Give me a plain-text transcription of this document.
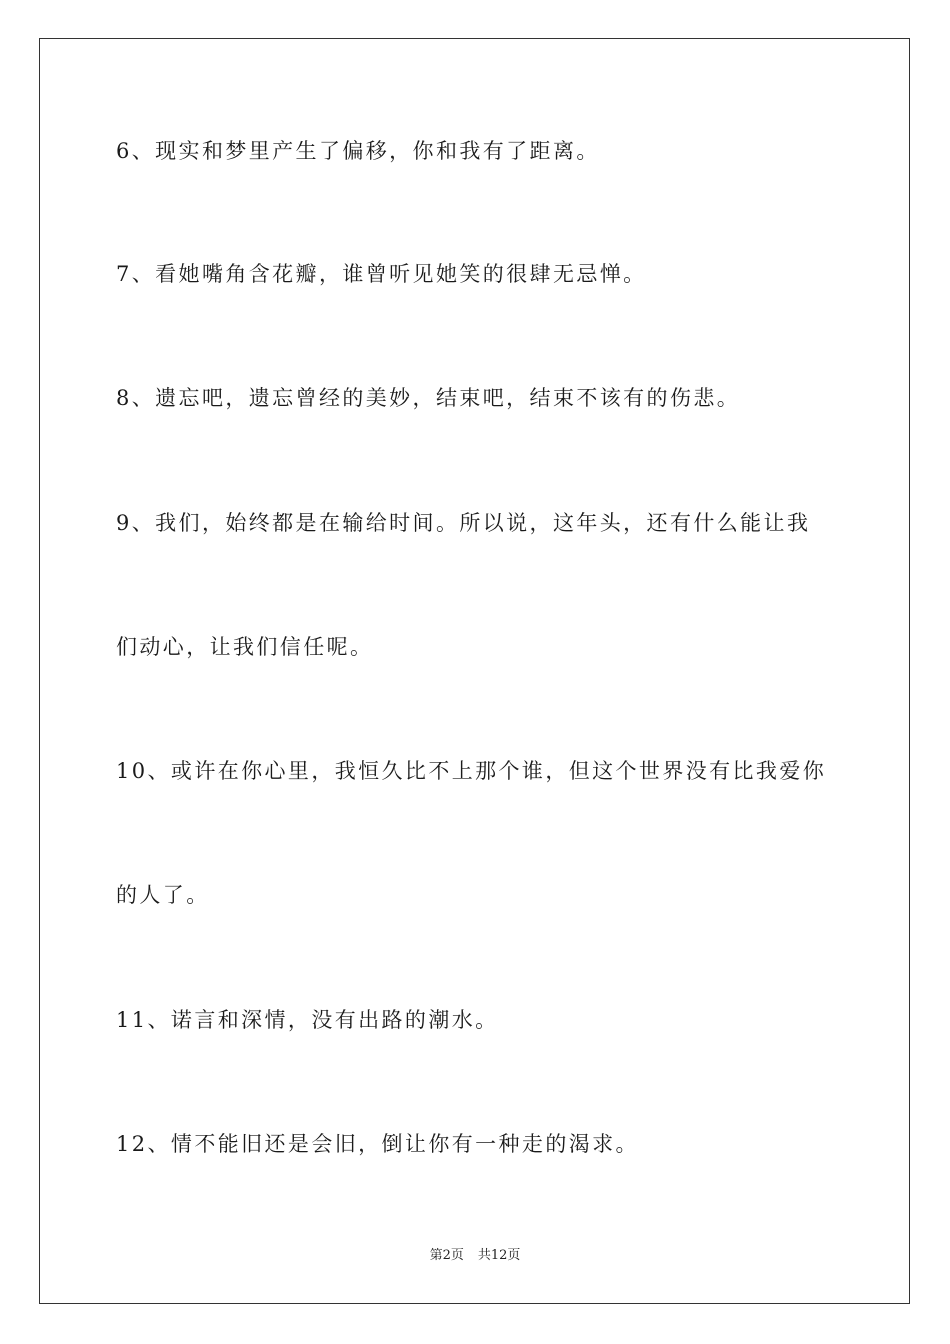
6、现实和梦里产生了偏移，你和我有了距离。
7、看她嘴角含花瓣，谁曾听见她笑的很肆无忌惮。
8、遗忘吧，遗忘曾经的美妙，结束吧，结束不该有的伤悲。
9、我们，始终都是在输给时间。所以说，这年头，还有什么能让我
们动心，让我们信任呢。
10、或许在你心里，我恒久比不上那个谁，但这个世界没有比我爱你
的人了。
11、诺言和深情，没有出路的潮水。
12、情不能旧还是会旧，倒让你有一种走的渴求。
第2页 共12页
